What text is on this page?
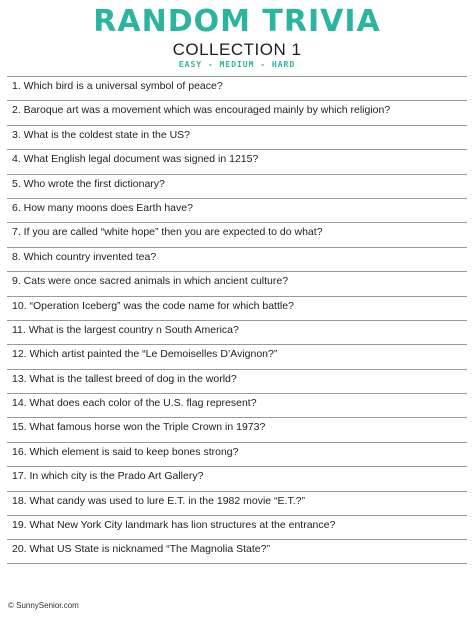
RANDOM TRIVIA
COLLECTION 1
EASY - MEDIUM - HARD
1. Which bird is a universal symbol of peace?
2. Baroque art was a movement which was encouraged mainly by which religion?
3. What is the coldest state in the US?
4. What English legal document was signed in 1215?
5. Who wrote the first dictionary?
6. How many moons does Earth have?
7. If you are called “white hope” then you are expected to do what?
8. Which country invented tea?
9. Cats were once sacred animals in which ancient culture?
10. “Operation Iceberg” was the code name for which battle?
11. What is the largest country n South America?
12. Which artist painted the “Le Demoiselles D’Avignon?”
13. What is the tallest breed of dog in the world?
14. What does each color of the U.S. flag represent?
15. What famous horse won the Triple Crown in 1973?
16. Which element is said to keep bones strong?
17. In which city is the Prado Art Gallery?
18. What candy was used to lure E.T. in the 1982 movie “E.T.?”
19. What New York City landmark has lion structures at the entrance?
20. What US State is nicknamed “The Magnolia State?”
© SunnySenior.com
